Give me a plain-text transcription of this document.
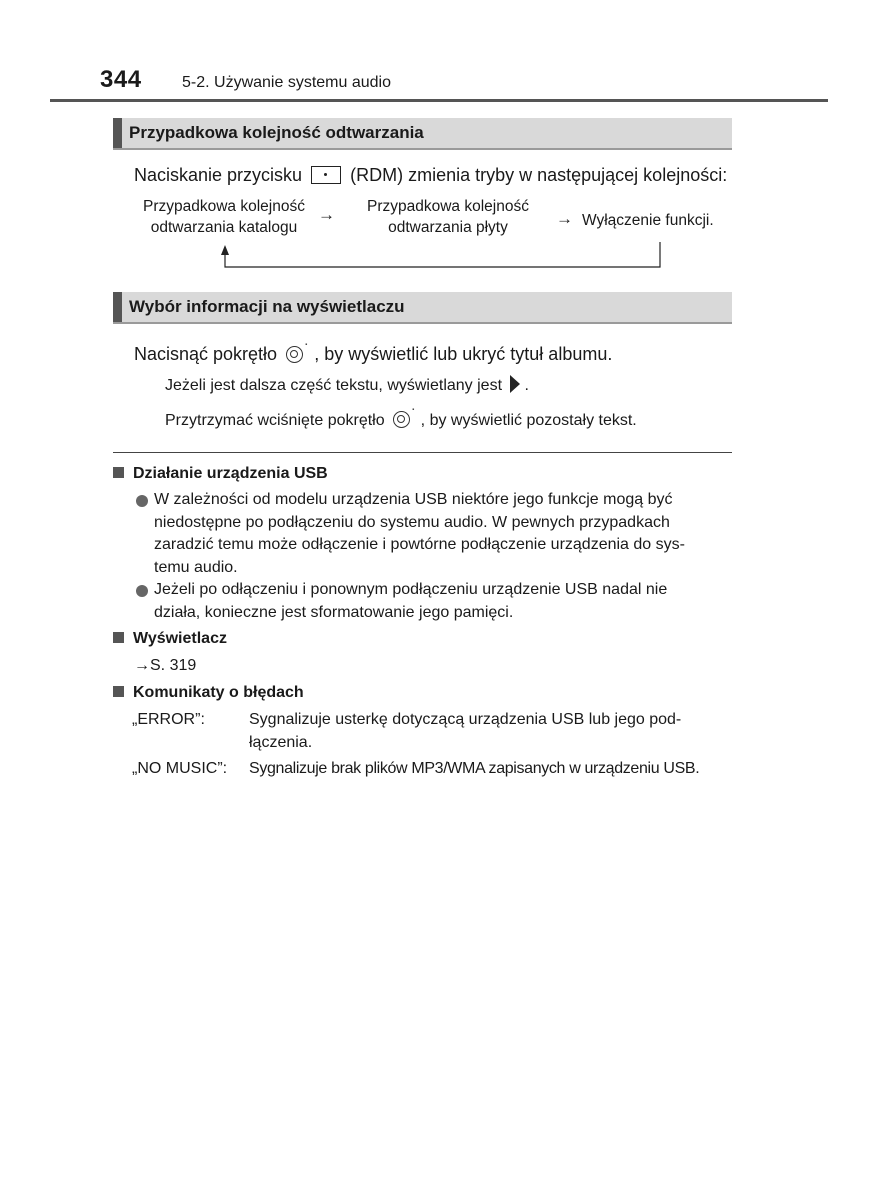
344	5-2. Używanie systemu audio
Przypadkowa kolejność odtwarzania
Naciskanie przycisku	(RDM) zmienia tryby w następującej kolejności:
Przypadkowa kolejność
odtwarzania katalogu
→	Przypadkowa kolejność
odtwarzania płyty	→ Wyłączenie funkcji.
Wybór informacji na wyświetlaczu
Nacisnąć pokrętło	▪ , by wyświetlić lub ukryć tytuł albumu.
Jeżeli jest dalsza część tekstu, wyświetlany jest .
Przytrzymać wciśnięte pokrętło ▪ , by wyświetlić pozostały tekst.
Działanie urządzenia USB
W zależności od modelu urządzenia USB niektóre jego funkcje mogą być
niedostępne po podłączeniu do systemu audio. W pewnych przypadkach
zaradzić temu może odłączenie i powtórne podłączenie urządzenia do sys-
temu audio.
Jeżeli po odłączeniu i ponownym podłączeniu urządzenie USB nadal nie
działa, konieczne jest sformatowanie jego pamięci.
Wyświetlacz
→S. 319
Komunikaty o błędach
„ERROR”:	Sygnalizuje usterkę dotyczącą urządzenia USB lub jego pod-
łączenia.
„NO MUSIC”: Sygnalizuje brak plików MP3/WMA zapisanych w urządzeniu USB.
